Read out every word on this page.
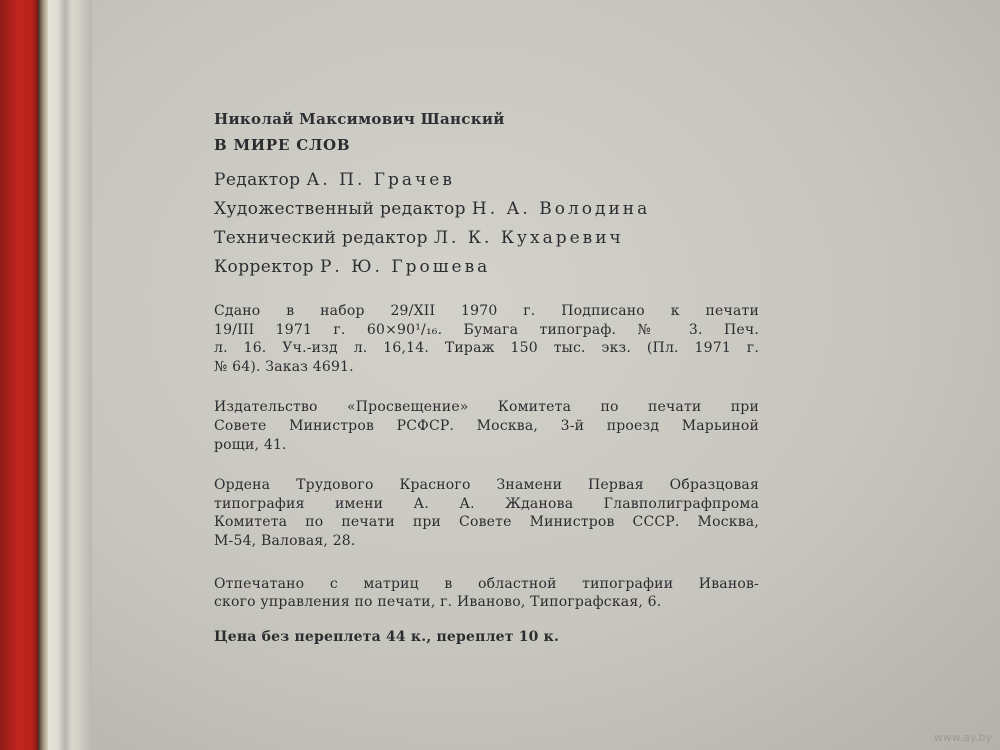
Николай Максимович Шанский
В МИРЕ СЛОВ
Редактор А. П. Грачев
Художественный редактор Н. А. Володина
Технический редактор Л. К. Кухаревич
Корректор Р. Ю. Грошева
Сдано в набор 29/XII 1970 г. Подписано к печати
19/III 1971 г. 60×90¹/₁₆. Бумага типограф. № 3. Печ.
л. 16. Уч.-изд л. 16,14. Тираж 150 тыс. экз. (Пл. 1971 г.
№ 64). Заказ 4691.
Издательство «Просвещение» Комитета по печати при
Совете Министров РСФСР. Москва, 3-й проезд Марьиной
рощи, 41.
Ордена Трудового Красного Знамени Первая Образцовая
типография имени А. А. Жданова Главполиграфпрома
Комитета по печати при Совете Министров СССР. Москва,
М-54, Валовая, 28.
Отпечатано с матриц в областной типографии Иванов-
ского управления по печати, г. Иваново, Типографская, 6.
Цена без переплета 44 к., переплет 10 к.
www.ay.by
